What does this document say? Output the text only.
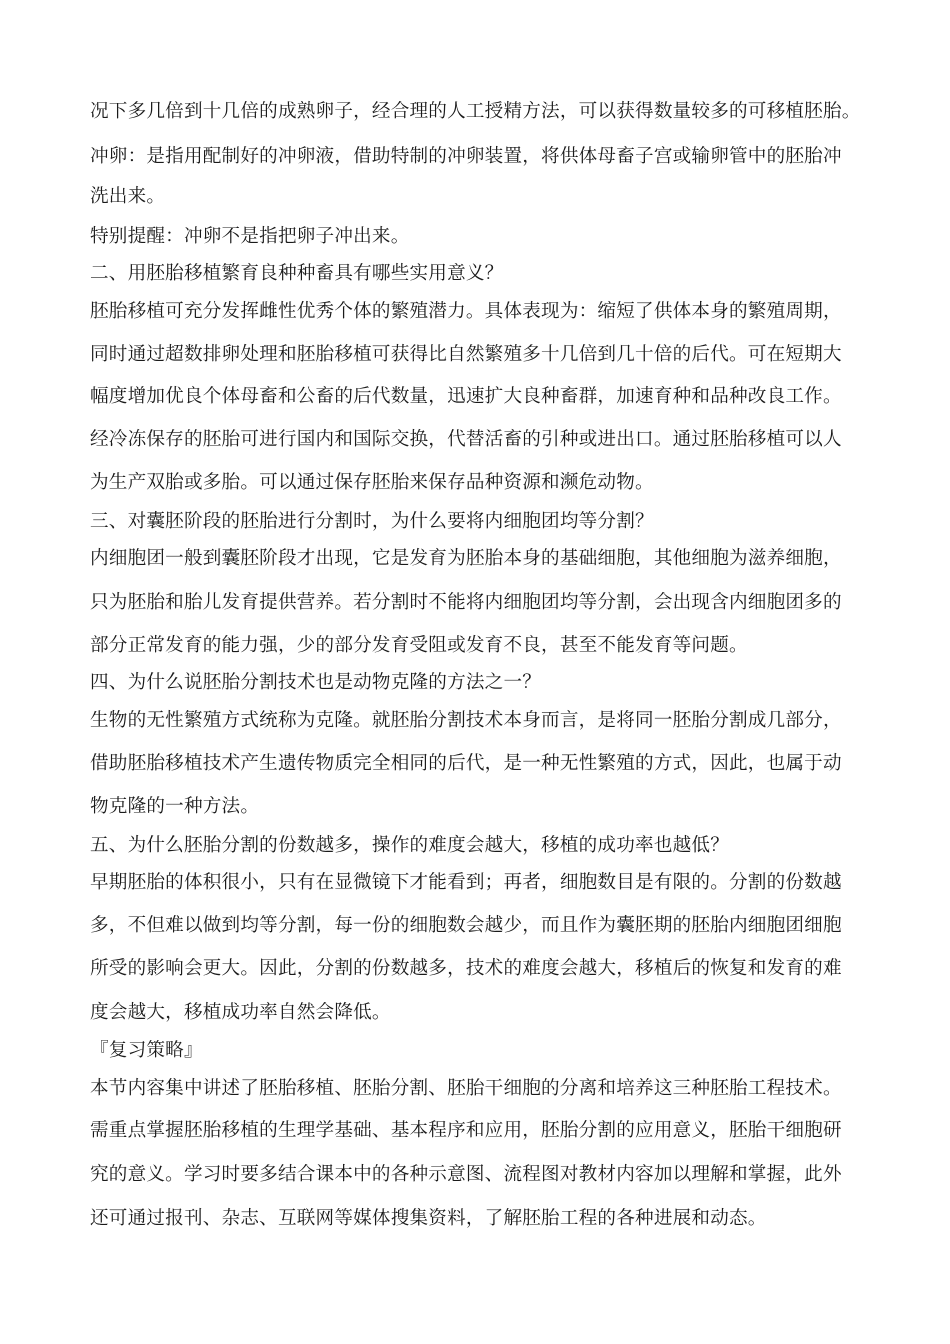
况下多几倍到十几倍的成熟卵子，经合理的人工授精方法，可以获得数量较多的可移植胚胎。
冲卵：是指用配制好的冲卵液，借助特制的冲卵装置，将供体母畜子宫或输卵管中的胚胎冲
洗出来。
特别提醒：冲卵不是指把卵子冲出来。
二、用胚胎移植繁育良种种畜具有哪些实用意义？
胚胎移植可充分发挥雌性优秀个体的繁殖潜力。具体表现为：缩短了供体本身的繁殖周期，
同时通过超数排卵处理和胚胎移植可获得比自然繁殖多十几倍到几十倍的后代。可在短期大
幅度增加优良个体母畜和公畜的后代数量，迅速扩大良种畜群，加速育种和品种改良工作。
经冷冻保存的胚胎可进行国内和国际交换，代替活畜的引种或进出口。通过胚胎移植可以人
为生产双胎或多胎。可以通过保存胚胎来保存品种资源和濒危动物。
三、对囊胚阶段的胚胎进行分割时，为什么要将内细胞团均等分割？
内细胞团一般到囊胚阶段才出现，它是发育为胚胎本身的基础细胞，其他细胞为滋养细胞，
只为胚胎和胎儿发育提供营养。若分割时不能将内细胞团均等分割，会出现含内细胞团多的
部分正常发育的能力强，少的部分发育受阻或发育不良，甚至不能发育等问题。
四、为什么说胚胎分割技术也是动物克隆的方法之一？
生物的无性繁殖方式统称为克隆。就胚胎分割技术本身而言，是将同一胚胎分割成几部分，
借助胚胎移植技术产生遗传物质完全相同的后代，是一种无性繁殖的方式，因此，也属于动
物克隆的一种方法。
五、为什么胚胎分割的份数越多，操作的难度会越大，移植的成功率也越低？
早期胚胎的体积很小，只有在显微镜下才能看到；再者，细胞数目是有限的。分割的份数越
多，不但难以做到均等分割，每一份的细胞数会越少，而且作为囊胚期的胚胎内细胞团细胞
所受的影响会更大。因此，分割的份数越多，技术的难度会越大，移植后的恢复和发育的难
度会越大，移植成功率自然会降低。
『复习策略』
本节内容集中讲述了胚胎移植、胚胎分割、胚胎干细胞的分离和培养这三种胚胎工程技术。
需重点掌握胚胎移植的生理学基础、基本程序和应用，胚胎分割的应用意义，胚胎干细胞研
究的意义。学习时要多结合课本中的各种示意图、流程图对教材内容加以理解和掌握，此外
还可通过报刊、杂志、互联网等媒体搜集资料，了解胚胎工程的各种进展和动态。
